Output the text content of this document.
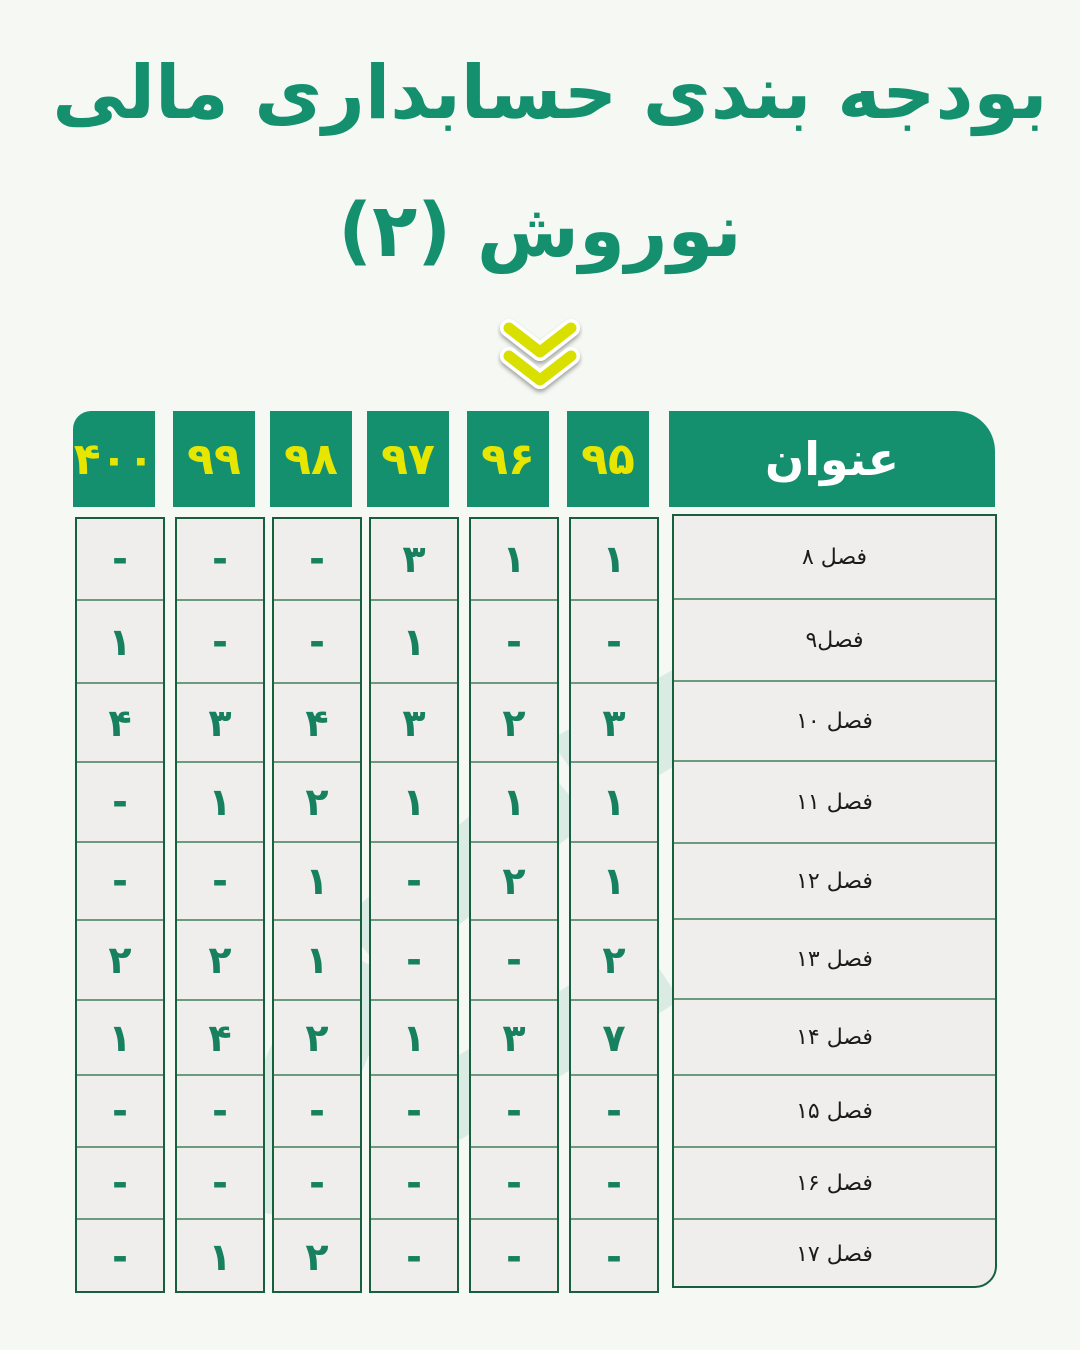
بودجه بندی حسابداری مالی
نوروش (۲)
عنوان
فصل ۸
فصل۹
فصل ۱۰
فصل ۱۱
فصل ۱۲
فصل ۱۳
فصل ۱۴
فصل ۱۵
فصل ۱۶
فصل ۱۷
۹۵
۱
-
۳
۱
۱
۲
۷
-
-
-
۹۶
۱
-
۲
۱
۲
-
۳
-
-
-
۹۷
۳
۱
۳
۱
-
-
۱
-
-
-
۹۸
-
-
۴
۲
۱
۱
۲
-
-
۲
۹۹
-
-
۳
۱
-
۲
۴
-
-
۱
۴۰۰
-
۱
۴
-
-
۲
۱
-
-
-
